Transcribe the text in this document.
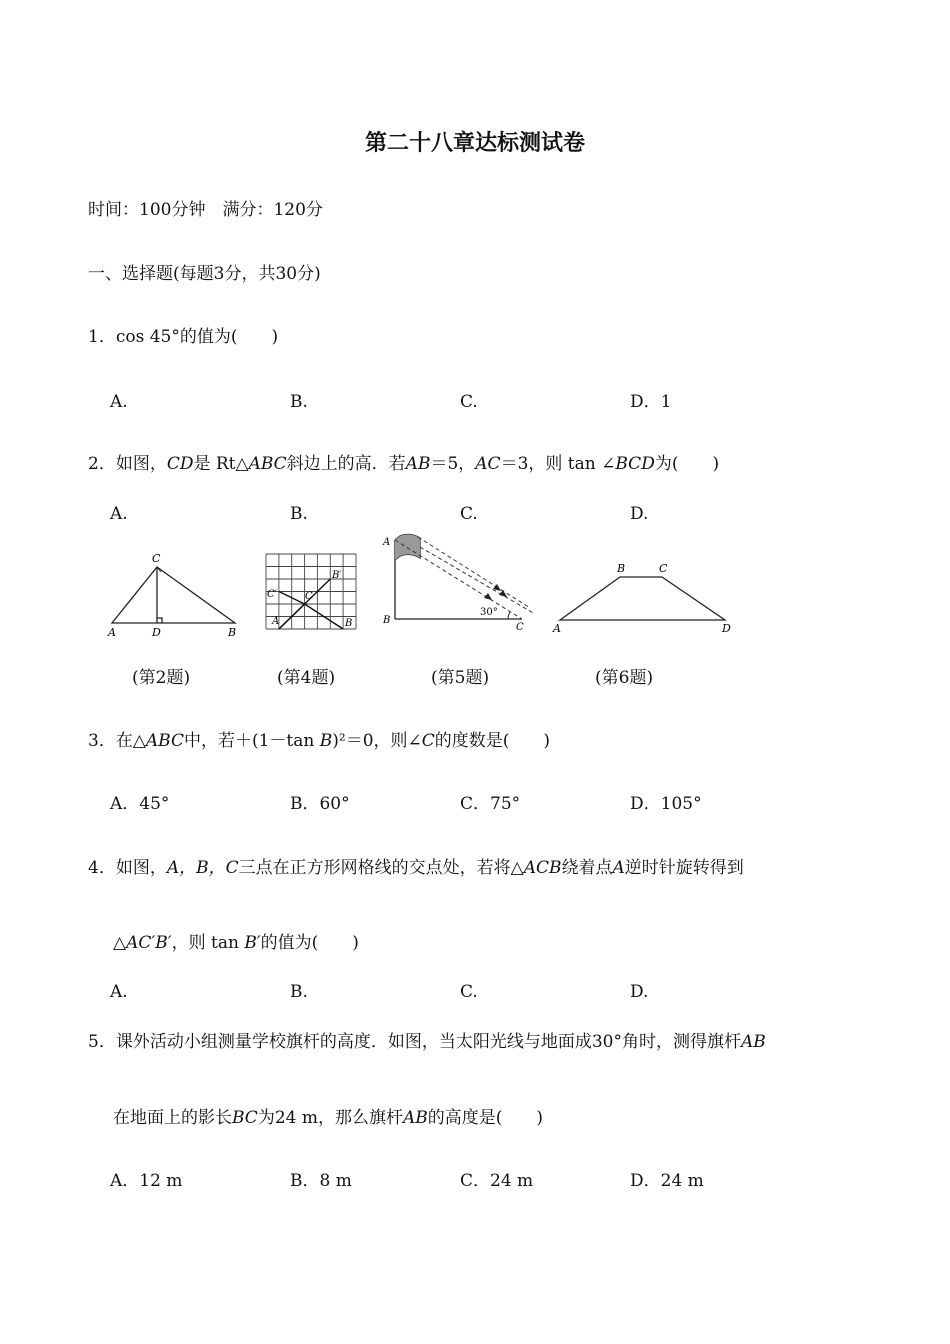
第二十八章达标测试卷
时间：100分钟　满分：120分
一、选择题(每题3分，共30分)
1．cos 45°的值为(　　)
A.	B.	C.	D．1
2．如图，CD是 Rt△ABC斜边上的高．若AB＝5，AC＝3，则 tan ∠BCD为(　　)
A.	B.	C.	D.
A	B
C
D
A	B
C
C′
B′
30°
A
B
C	A
B	C
D
(第2题)	(第4题)	(第5题)	(第6题)
3．在△ABC中，若＋(1－tan B)²＝0，则∠C的度数是(　　)
A．45°	B．60°	C．75°	D．105°
4．如图，A，B，C三点在正方形网格线的交点处，若将△ACB绕着点A逆时针旋转得到
△AC′B′，则 tan B′的值为(　　)
A.	B.	C.	D.
5．课外活动小组测量学校旗杆的高度．如图，当太阳光线与地面成30°角时，测得旗杆AB
在地面上的影长BC为24 m，那么旗杆AB的高度是(　　)
A．12 m	B．8 m	C．24 m	D．24 m
